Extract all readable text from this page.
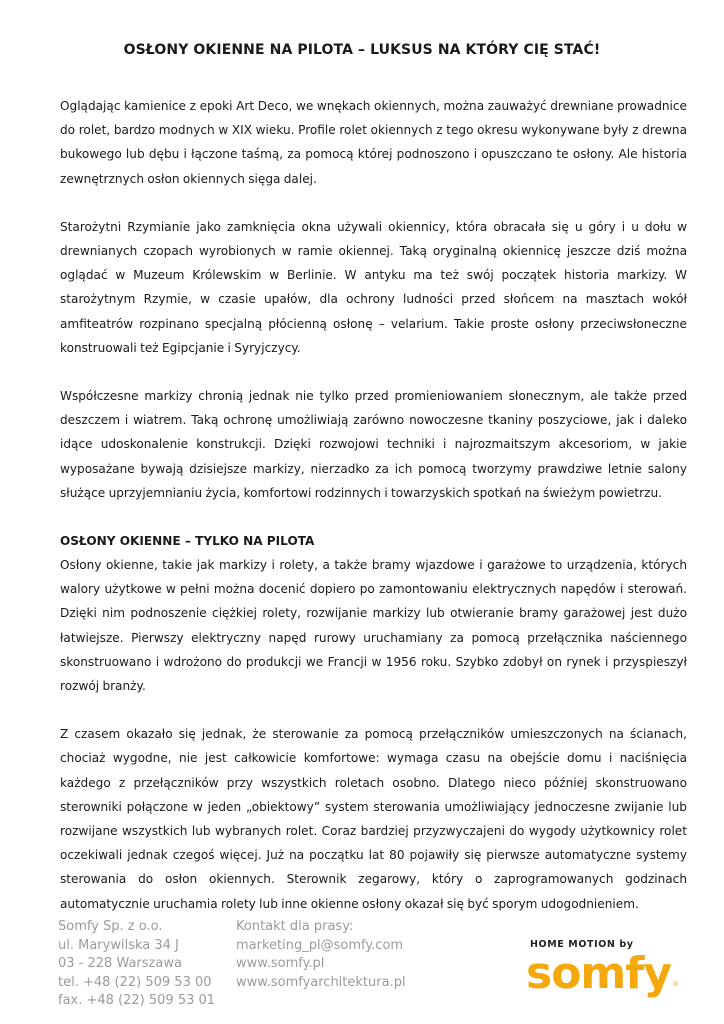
OSŁONY OKIENNE NA PILOTA – LUKSUS NA KTÓRY CIĘ STAĆ!

Oglądając kamienice z epoki Art Deco, we wnękach okiennych, można zauważyć drewniane prowadnice do rolet, bardzo modnych w XIX wieku. Profile rolet okiennych z tego okresu wykonywane były z drewna bukowego lub dębu i łączone taśmą, za pomocą której podnoszono i opuszczano te osłony. Ale historia zewnętrznych osłon okiennych sięga dalej.

Starożytni Rzymianie jako zamknięcia okna używali okiennicy, która obracała się u góry i u dołu w drewnianych czopach wyrobionych w ramie okiennej. Taką oryginalną okiennicę jeszcze dziś można oglądać w Muzeum Królewskim w Berlinie. W antyku ma też swój początek historia markizy. W starożytnym Rzymie, w czasie upałów, dla ochrony ludności przed słońcem na masztach wokół amfiteatrów rozpinano specjalną płócienną osłonę – velarium. Takie proste osłony przeciwsłoneczne konstruowali też Egipcjanie i Syryjczycy.

Współczesne markizy chronią jednak nie tylko przed promieniowaniem słonecznym, ale także przed deszczem i wiatrem. Taką ochronę umożliwiają zarówno nowoczesne tkaniny poszyciowe, jak i daleko idące udoskonalenie konstrukcji. Dzięki rozwojowi techniki i najrozmaitszym akcesoriom, w jakie wyposażane bywają dzisiejsze markizy, nierzadko za ich pomocą tworzymy prawdziwe letnie salony służące uprzyjemnianiu życia, komfortowi rodzinnych i towarzyskich spotkań na świeżym powietrzu.

OSŁONY OKIENNE – TYLKO NA PILOTA

Osłony okienne, takie jak markizy i rolety, a także bramy wjazdowe i garażowe to urządzenia, których walory użytkowe w pełni można docenić dopiero po zamontowaniu elektrycznych napędów i sterowań. Dzięki nim podnoszenie ciężkiej rolety, rozwijanie markizy lub otwieranie bramy garażowej jest dużo łatwiejsze. Pierwszy elektryczny napęd rurowy uruchamiany za pomocą przełącznika naściennego skonstruowano i wdrożono do produkcji we Francji w 1956 roku. Szybko zdobył on rynek i przyspieszył rozwój branży.

Z czasem okazało się jednak, że sterowanie za pomocą przełączników umieszczonych na ścianach, chociaż wygodne, nie jest całkowicie komfortowe: wymaga czasu na obejście domu i naciśnięcia każdego z przełączników przy wszystkich roletach osobno. Dlatego nieco później skonstruowano sterowniki połączone w jeden „obiektowy” system sterowania umożliwiający jednoczesne zwijanie lub rozwijane wszystkich lub wybranych rolet. Coraz bardziej przyzwyczajeni do wygody użytkownicy rolet oczekiwali jednak czegoś więcej. Już na początku lat 80 pojawiły się pierwsze automatyczne systemy sterowania do osłon okiennych. Sterownik zegarowy, który o zaprogramowanych godzinach automatycznie uruchamia rolety lub inne okienne osłony okazał się być sporym udogodnieniem.

Somfy Sp. z o.o.
ul. Marywilska 34 J
03 - 228 Warszawa
tel. +48 (22) 509 53 00
fax. +48 (22) 509 53 01
Kontakt dla prasy:
marketing_pl@somfy.com
www.somfy.pl
www.somfyarchitektura.pl
HOME MOTION by
somfy ®
